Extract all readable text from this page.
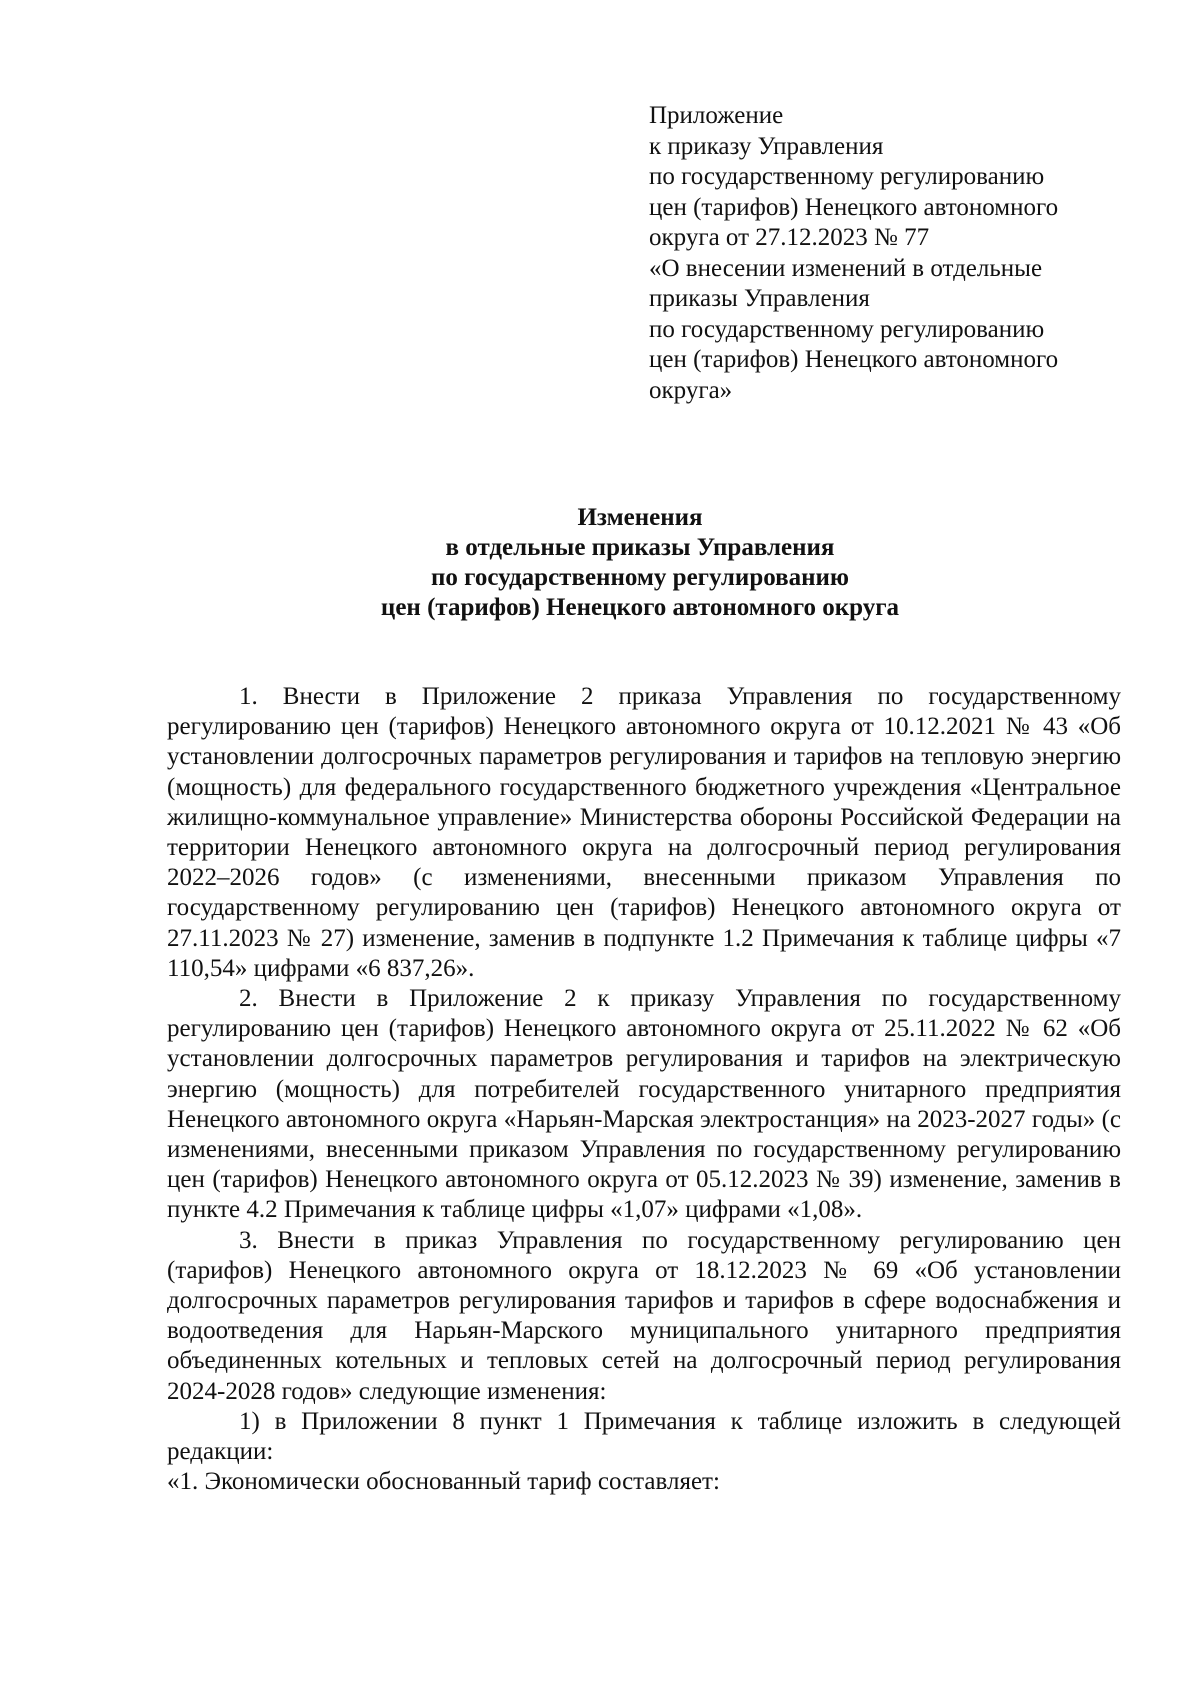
Приложение
к приказу Управления
по государственному регулированию
цен (тарифов) Ненецкого автономного
округа от 27.12.2023 № 77
«О внесении изменений в отдельные
приказы Управления
по государственному регулированию
цен (тарифов) Ненецкого автономного
округа»
Изменения
в отдельные приказы Управления
по государственному регулированию
цен (тарифов) Ненецкого автономного округа

1. Внести в Приложение 2 приказа Управления по государственному регулированию цен (тарифов) Ненецкого автономного округа от 10.12.2021 № 43 «Об установлении долгосрочных параметров регулирования и тарифов на тепловую энергию (мощность) для федерального государственного бюджетного учреждения «Центральное жилищно-коммунальное управление» Министерства обороны Российской Федерации на территории Ненецкого автономного округа на долгосрочный период регулирования 2022–2026 годов» (с изменениями, внесенными приказом Управления по государственному регулированию цен (тарифов) Ненецкого автономного округа от 27.11.2023 № 27) изменение, заменив в подпункте 1.2 Примечания к таблице цифры «7 110,54» цифрами «6 837,26».

2. Внести в Приложение 2 к приказу Управления по государственному регулированию цен (тарифов) Ненецкого автономного округа от 25.11.2022 № 62 «Об установлении долгосрочных параметров регулирования и тарифов на электрическую энергию (мощность) для потребителей государственного унитарного предприятия Ненецкого автономного округа «Нарьян-Марская электростанция» на 2023-2027 годы» (с изменениями, внесенными приказом Управления по государственному регулированию цен (тарифов) Ненецкого автономного округа от 05.12.2023 № 39) изменение, заменив в пункте 4.2 Примечания к таблице цифры «1,07» цифрами «1,08».

3. Внести в приказ Управления по государственному регулированию цен (тарифов) Ненецкого автономного округа от 18.12.2023 № 69 «Об установлении долгосрочных параметров регулирования тарифов и тарифов в сфере водоснабжения и водоотведения для Нарьян-Марского муниципального унитарного предприятия объединенных котельных и тепловых сетей на долгосрочный период регулирования 2024-2028 годов» следующие изменения:

1) в Приложении 8 пункт 1 Примечания к таблице изложить в следующей редакции:

«1. Экономически обоснованный тариф составляет:
